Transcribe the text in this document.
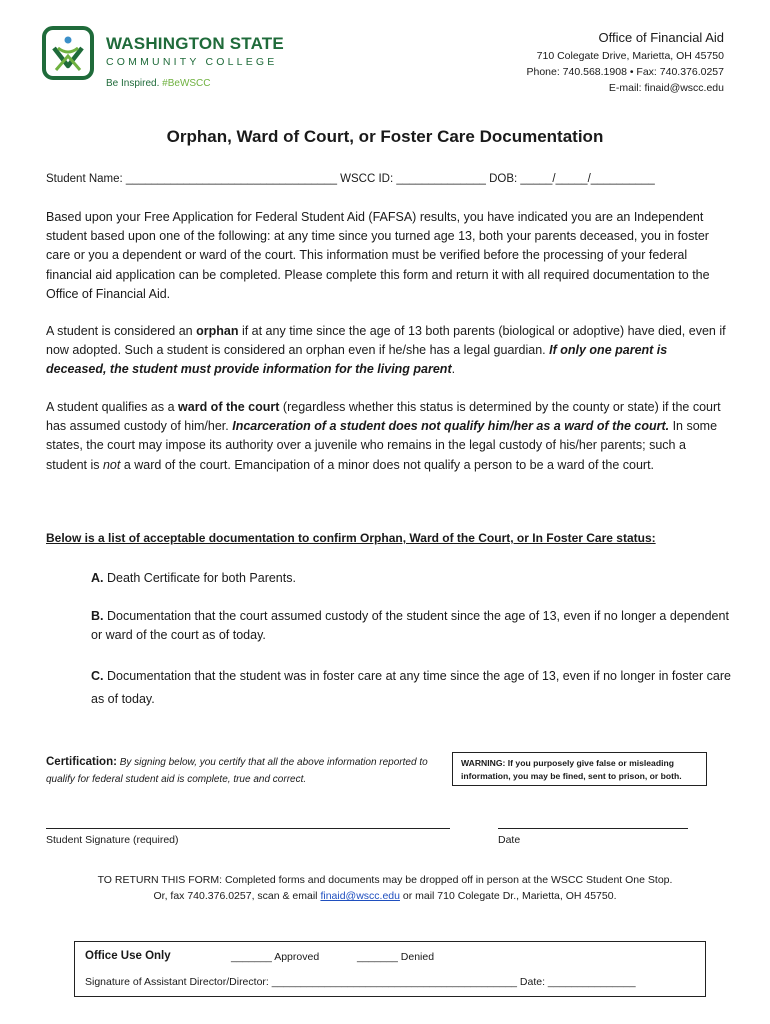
WASHINGTON STATE
COMMUNITY COLLEGE
Be Inspired. #BeWSCC
Office of Financial Aid
710 Colegate Drive, Marietta, OH 45750
Phone: 740.568.1908 • Fax: 740.376.0257
E-mail: finaid@wscc.edu
Orphan, Ward of Court, or Foster Care Documentation
Student Name: _________________________________ WSCC ID: ______________ DOB: _____/_____/__________
Based upon your Free Application for Federal Student Aid (FAFSA) results, you have indicated you are an Independent student based upon one of the following: at any time since you turned age 13, both your parents deceased, you in foster care or you a dependent or ward of the court. This information must be verified before the processing of your federal financial aid application can be completed. Please complete this form and return it with all required documentation to the Office of Financial Aid.
A student is considered an orphan if at any time since the age of 13 both parents (biological or adoptive) have died, even if now adopted. Such a student is considered an orphan even if he/she has a legal guardian. If only one parent is deceased, the student must provide information for the living parent.
A student qualifies as a ward of the court (regardless whether this status is determined by the county or state) if the court has assumed custody of him/her. Incarceration of a student does not qualify him/her as a ward of the court. In some states, the court may impose its authority over a juvenile who remains in the legal custody of his/her parents; such a student is not a ward of the court. Emancipation of a minor does not qualify a person to be a ward of the court.
Below is a list of acceptable documentation to confirm Orphan, Ward of the Court, or In Foster Care status:
A. Death Certificate for both Parents.
B. Documentation that the court assumed custody of the student since the age of 13, even if no longer a dependent or ward of the court as of today.
C. Documentation that the student was in foster care at any time since the age of 13, even if no longer in foster care as of today.
Certification: By signing below, you certify that all the above information reported to qualify for federal student aid is complete, true and correct.
WARNING: If you purposely give false or misleading information, you may be fined, sent to prison, or both.
Student Signature (required)	Date
TO RETURN THIS FORM: Completed forms and documents may be dropped off in person at the WSCC Student One Stop.
Or, fax 740.376.0257, scan & email finaid@wscc.edu or mail 710 Colegate Dr., Marietta, OH 45750.
Office Use Only	_______ Approved	_______ Denied
Signature of Assistant Director/Director: __________________________________________ Date: _______________
